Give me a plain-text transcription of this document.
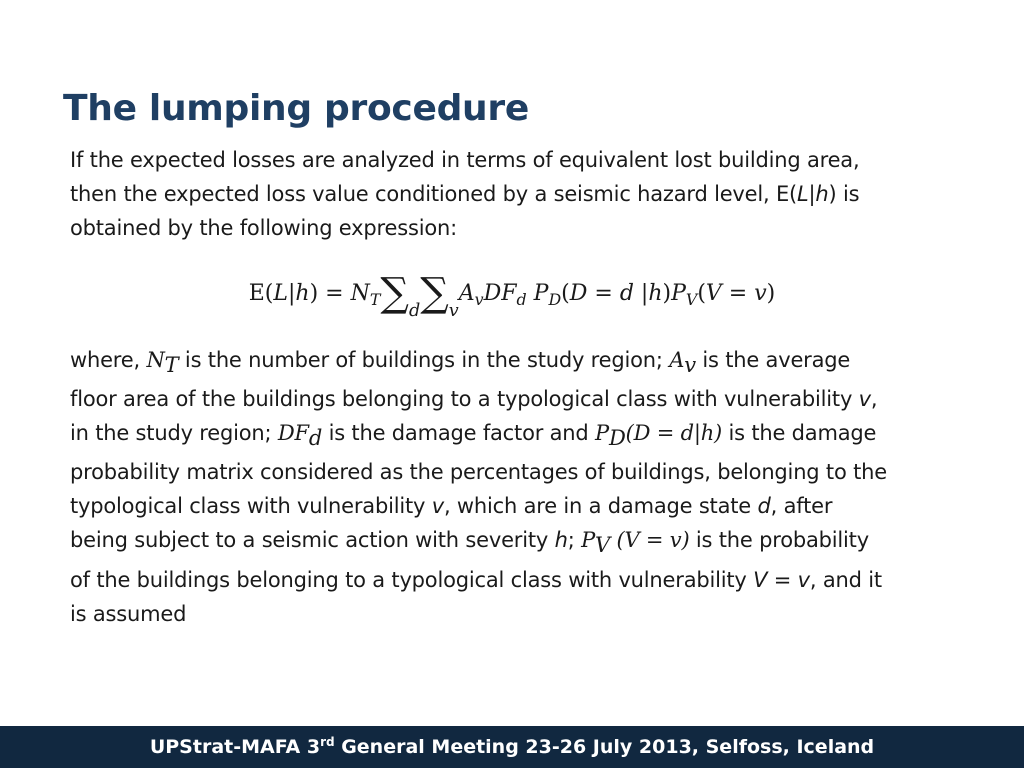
The lumping procedure

If the expected losses are analyzed in terms of equivalent lost building area,
then the expected loss value conditioned by a seismic hazard level, E(L|h) is
obtained by the following expression:

$E(L|h) = N_T\sum_d\sum_vA_vDF_d$ $P_D(D = d$ $|h)P_V(V = v)$

where, $N_T$ is the number of buildings in the study region; $A_v$ is the average
floor area of the buildings belonging to a typological class with vulnerability v,
in the study region; $DF_d$ is the damage factor and $P_D(D = d|h)$ is the damage
probability matrix considered as the percentages of buildings, belonging to the
typological class with vulnerability v, which are in a damage state d, after
being subject to a seismic action with severity h; $P_V$ (V = v) is the probability
of the buildings belonging to a typological class with vulnerability V = v, and it
is assumed

UPStrat-MAFA 3rd General Meeting 23-26 July 2013, Selfoss, Iceland
